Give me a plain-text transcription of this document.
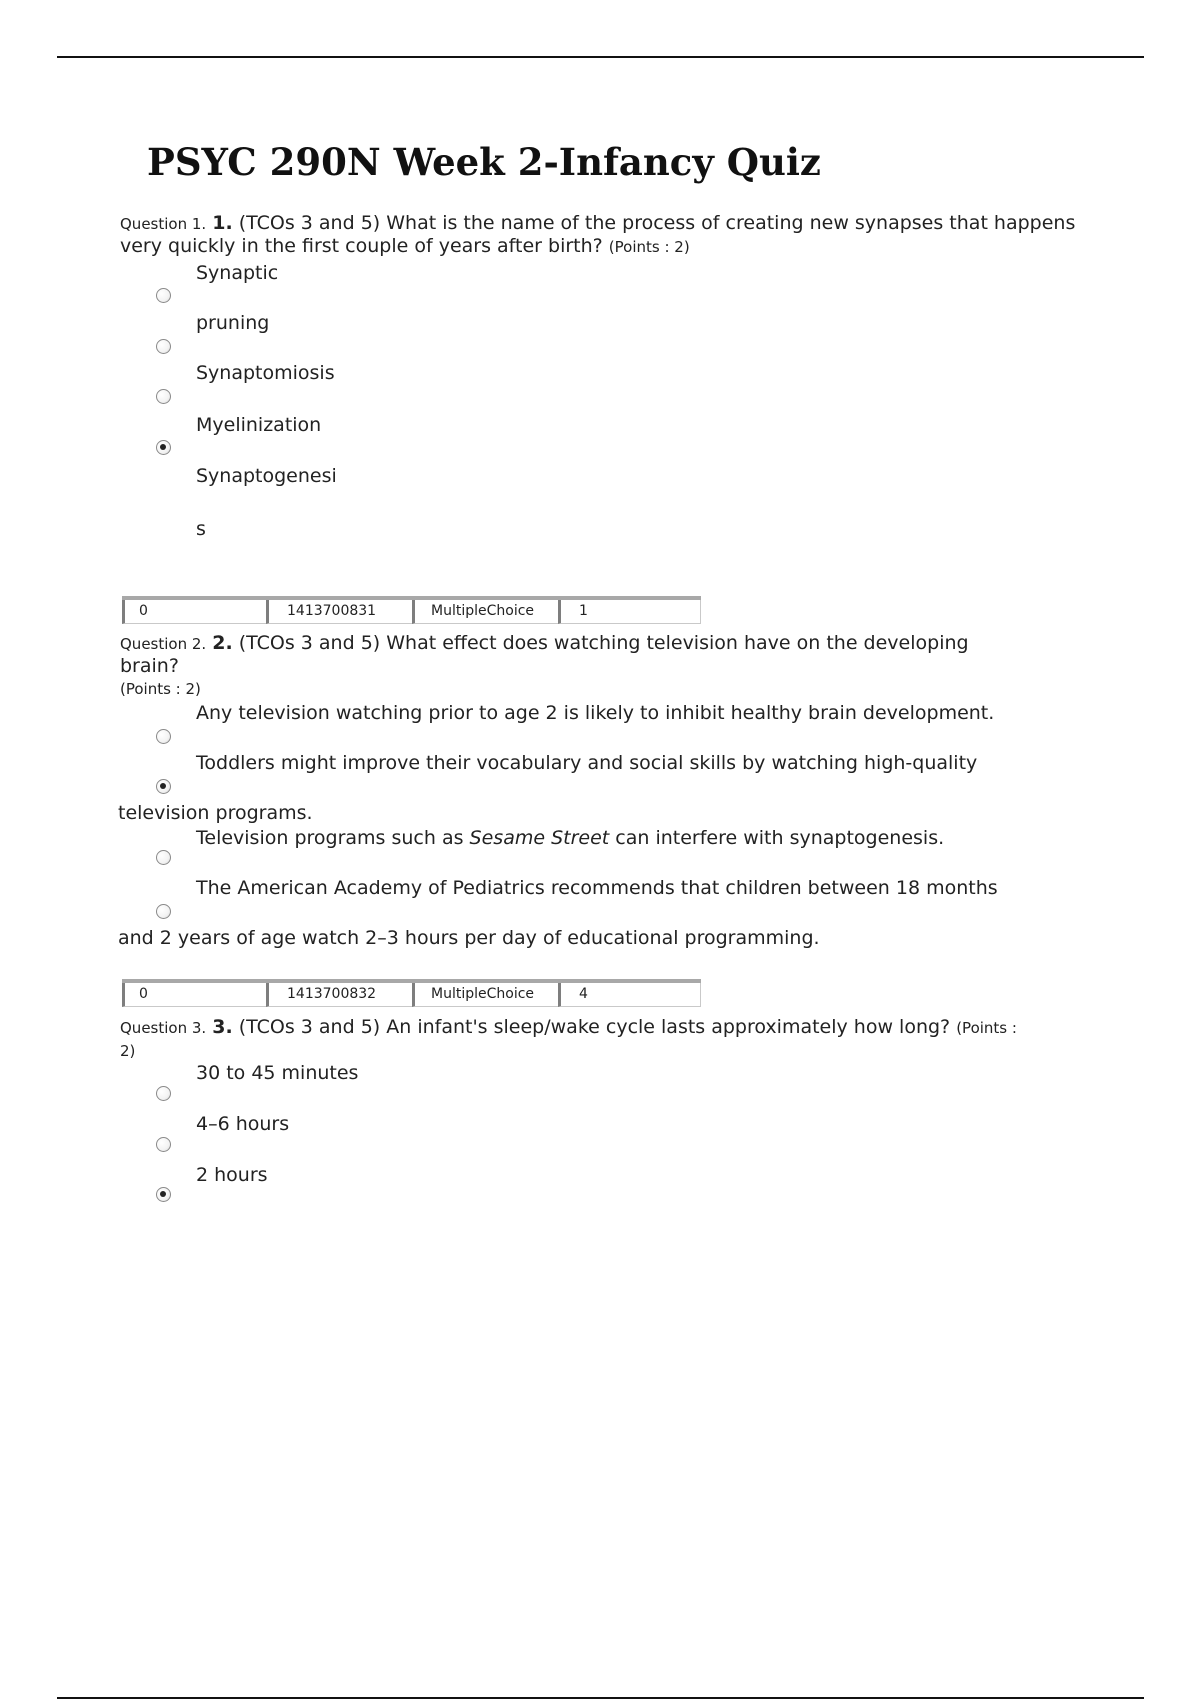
PSYC 290N Week 2-Infancy Quiz
Question 1. 1. (TCOs 3 and 5) What is the name of the process of creating new synapses that happens very quickly in the first couple of years after birth? (Points : 2)
Synaptic
pruning
Synaptomiosis
Myelinization
Synaptogenesi
s
0	1413700831	MultipleChoice	1
Question 2. 2. (TCOs 3 and 5) What effect does watching television have on the developing
brain?
(Points : 2)
Any television watching prior to age 2 is likely to inhibit healthy brain development.
Toddlers might improve their vocabulary and social skills by watching high-quality
television programs.
Television programs such as Sesame Street can interfere with synaptogenesis.
The American Academy of Pediatrics recommends that children between 18 months
and 2 years of age watch 2–3 hours per day of educational programming.
0	1413700832	MultipleChoice	4
Question 3. 3. (TCOs 3 and 5) An infant's sleep/wake cycle lasts approximately how long? (Points :
2)
30 to 45 minutes
4–6 hours
2 hours
